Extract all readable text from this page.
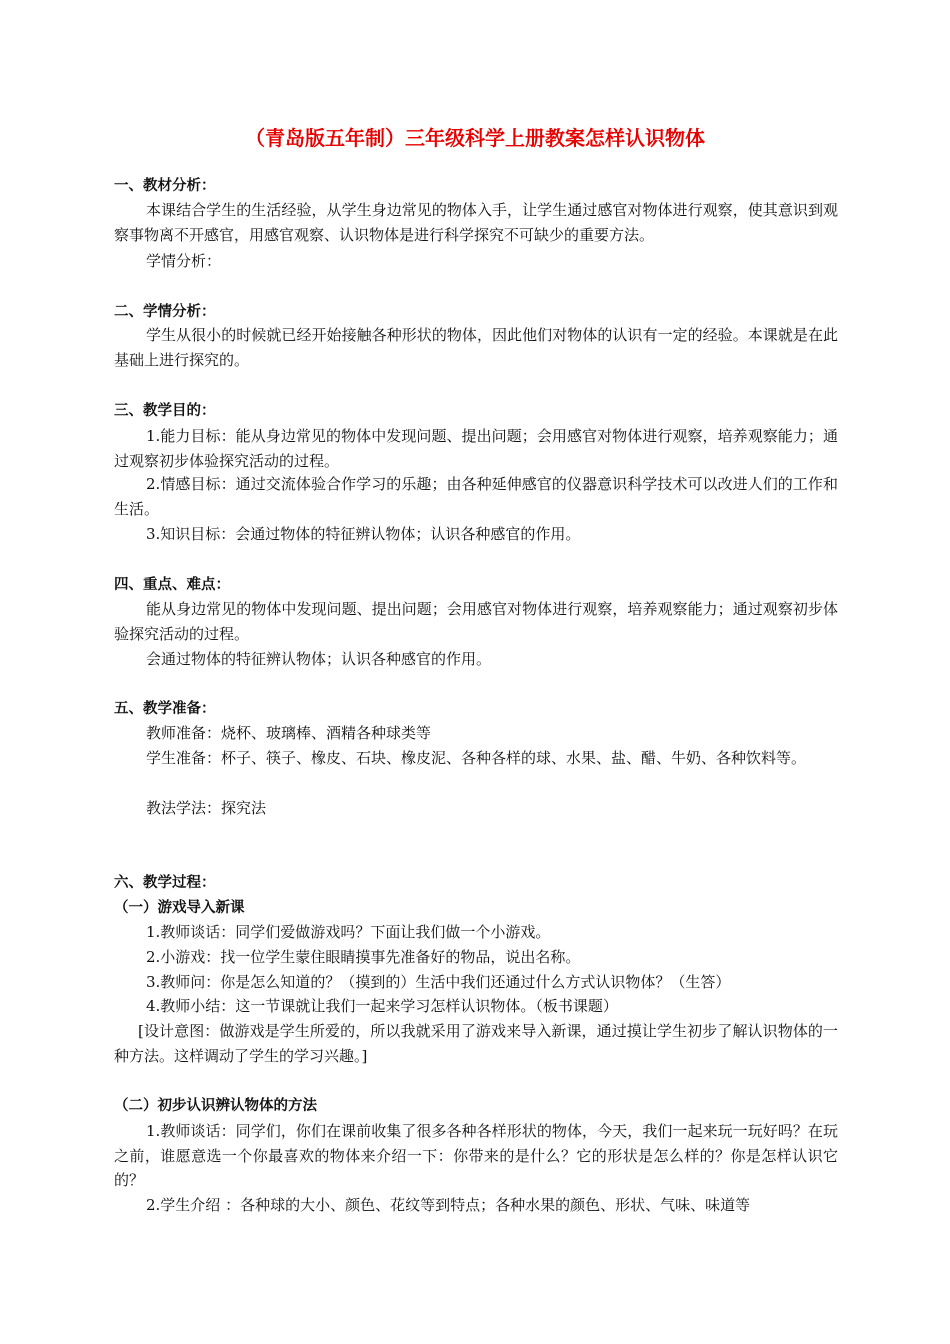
（青岛版五年制）三年级科学上册教案怎样认识物体
一、教材分析：
本课结合学生的生活经验，从学生身边常见的物体入手，让学生通过感官对物体进行观察，使其意识到观察事物离不开感官，用感官观察、认识物体是进行科学探究不可缺少的重要方法。
学情分析：
二、学情分析：
学生从很小的时候就已经开始接触各种形状的物体，因此他们对物体的认识有一定的经验。本课就是在此基础上进行探究的。
三、教学目的：
1.能力目标：能从身边常见的物体中发现问题、提出问题；会用感官对物体进行观察，培养观察能力；通过观察初步体验探究活动的过程。
2.情感目标：通过交流体验合作学习的乐趣；由各种延伸感官的仪器意识科学技术可以改进人们的工作和生活。
3.知识目标：会通过物体的特征辨认物体；认识各种感官的作用。
四、重点、难点：
能从身边常见的物体中发现问题、提出问题；会用感官对物体进行观察，培养观察能力；通过观察初步体验探究活动的过程。
会通过物体的特征辨认物体；认识各种感官的作用。
五、教学准备：
教师准备：烧杯、玻璃棒、酒精各种球类等
学生准备：杯子、筷子、橡皮、石块、橡皮泥、各种各样的球、水果、盐、醋、牛奶、各种饮料等。
教法学法：探究法
六、教学过程：
（一）游戏导入新课
1.教师谈话：同学们爱做游戏吗？下面让我们做一个小游戏。
2.小游戏：找一位学生蒙住眼睛摸事先准备好的物品，说出名称。
3.教师问：你是怎么知道的？（摸到的）生活中我们还通过什么方式认识物体？（生答）
4.教师小结：这一节课就让我们一起来学习怎样认识物体。（板书课题）
[设计意图：做游戏是学生所爱的，所以我就采用了游戏来导入新课，通过摸让学生初步了解认识物体的一种方法。这样调动了学生的学习兴趣。]
（二）初步认识辨认物体的方法
1.教师谈话：同学们，你们在课前收集了很多各种各样形状的物体，今天，我们一起来玩一玩好吗？在玩之前，谁愿意选一个你最喜欢的物体来介绍一下：你带来的是什么？它的形状是怎么样的？你是怎样认识它的？
2.学生介绍 ：各种球的大小、颜色、花纹等到特点；各种水果的颜色、形状、气味、味道等
